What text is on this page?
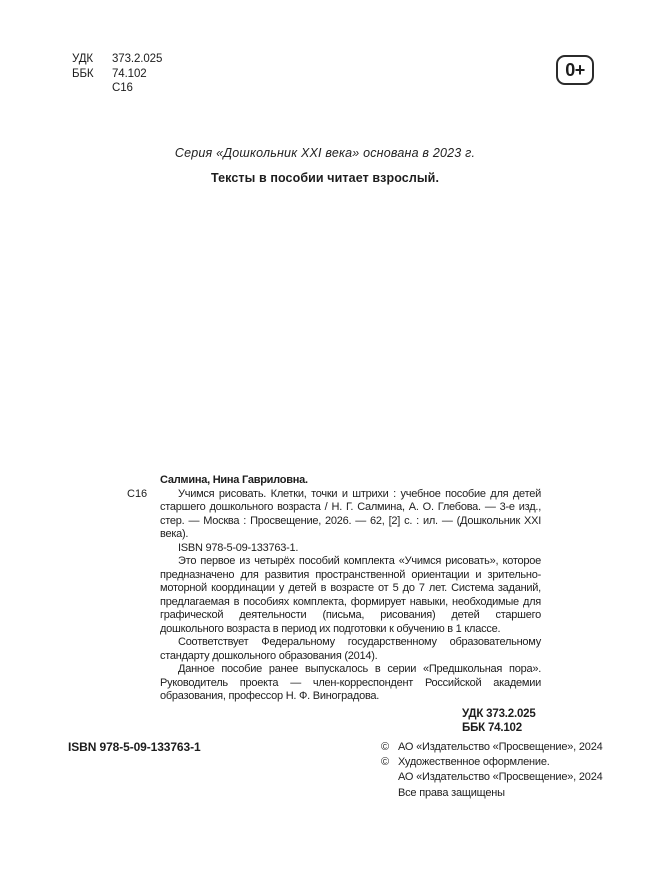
УДК	373.2.025
ББК	74.102
С16
0+
Серия «Дошкольник XXI века» основана в 2023 г.
Тексты в пособии читает взрослый.
Салмина, Нина Гавриловна.
С16	Учимся рисовать. Клетки, точки и штрихи : учебное пособие для детей старшего дошкольного возраста / Н. Г. Салмина, А. О. Глебова. — 3-е изд., стер. — Москва : Просвещение, 2026. — 62, [2] с. : ил. — (Дошкольник XXI века).
ISBN 978-5-09-133763-1.
Это первое из четырёх пособий комплекта «Учимся рисовать», которое предназначено для развития пространственной ориентации и зрительно-моторной координации у детей в возрасте от 5 до 7 лет. Система заданий, предлагаемая в пособиях комплекта, формирует навыки, необходимые для графической деятельности (письма, рисования) детей старшего дошкольного возраста в период их подготовки к обучению в 1 классе.
Соответствует Федеральному государственному образовательному стандарту дошкольного образования (2014).
Данное пособие ранее выпускалось в серии «Предшкольная пора». Руководитель проекта — член-корреспондент Российской академии образования, профессор Н. Ф. Виноградова.
УДК 373.2.025
ББК 74.102
ISBN 978-5-09-133763-1	© АО «Издательство «Просвещение», 2024
© Художественное оформление.
АО «Издательство «Просвещение», 2024
Все права защищены
